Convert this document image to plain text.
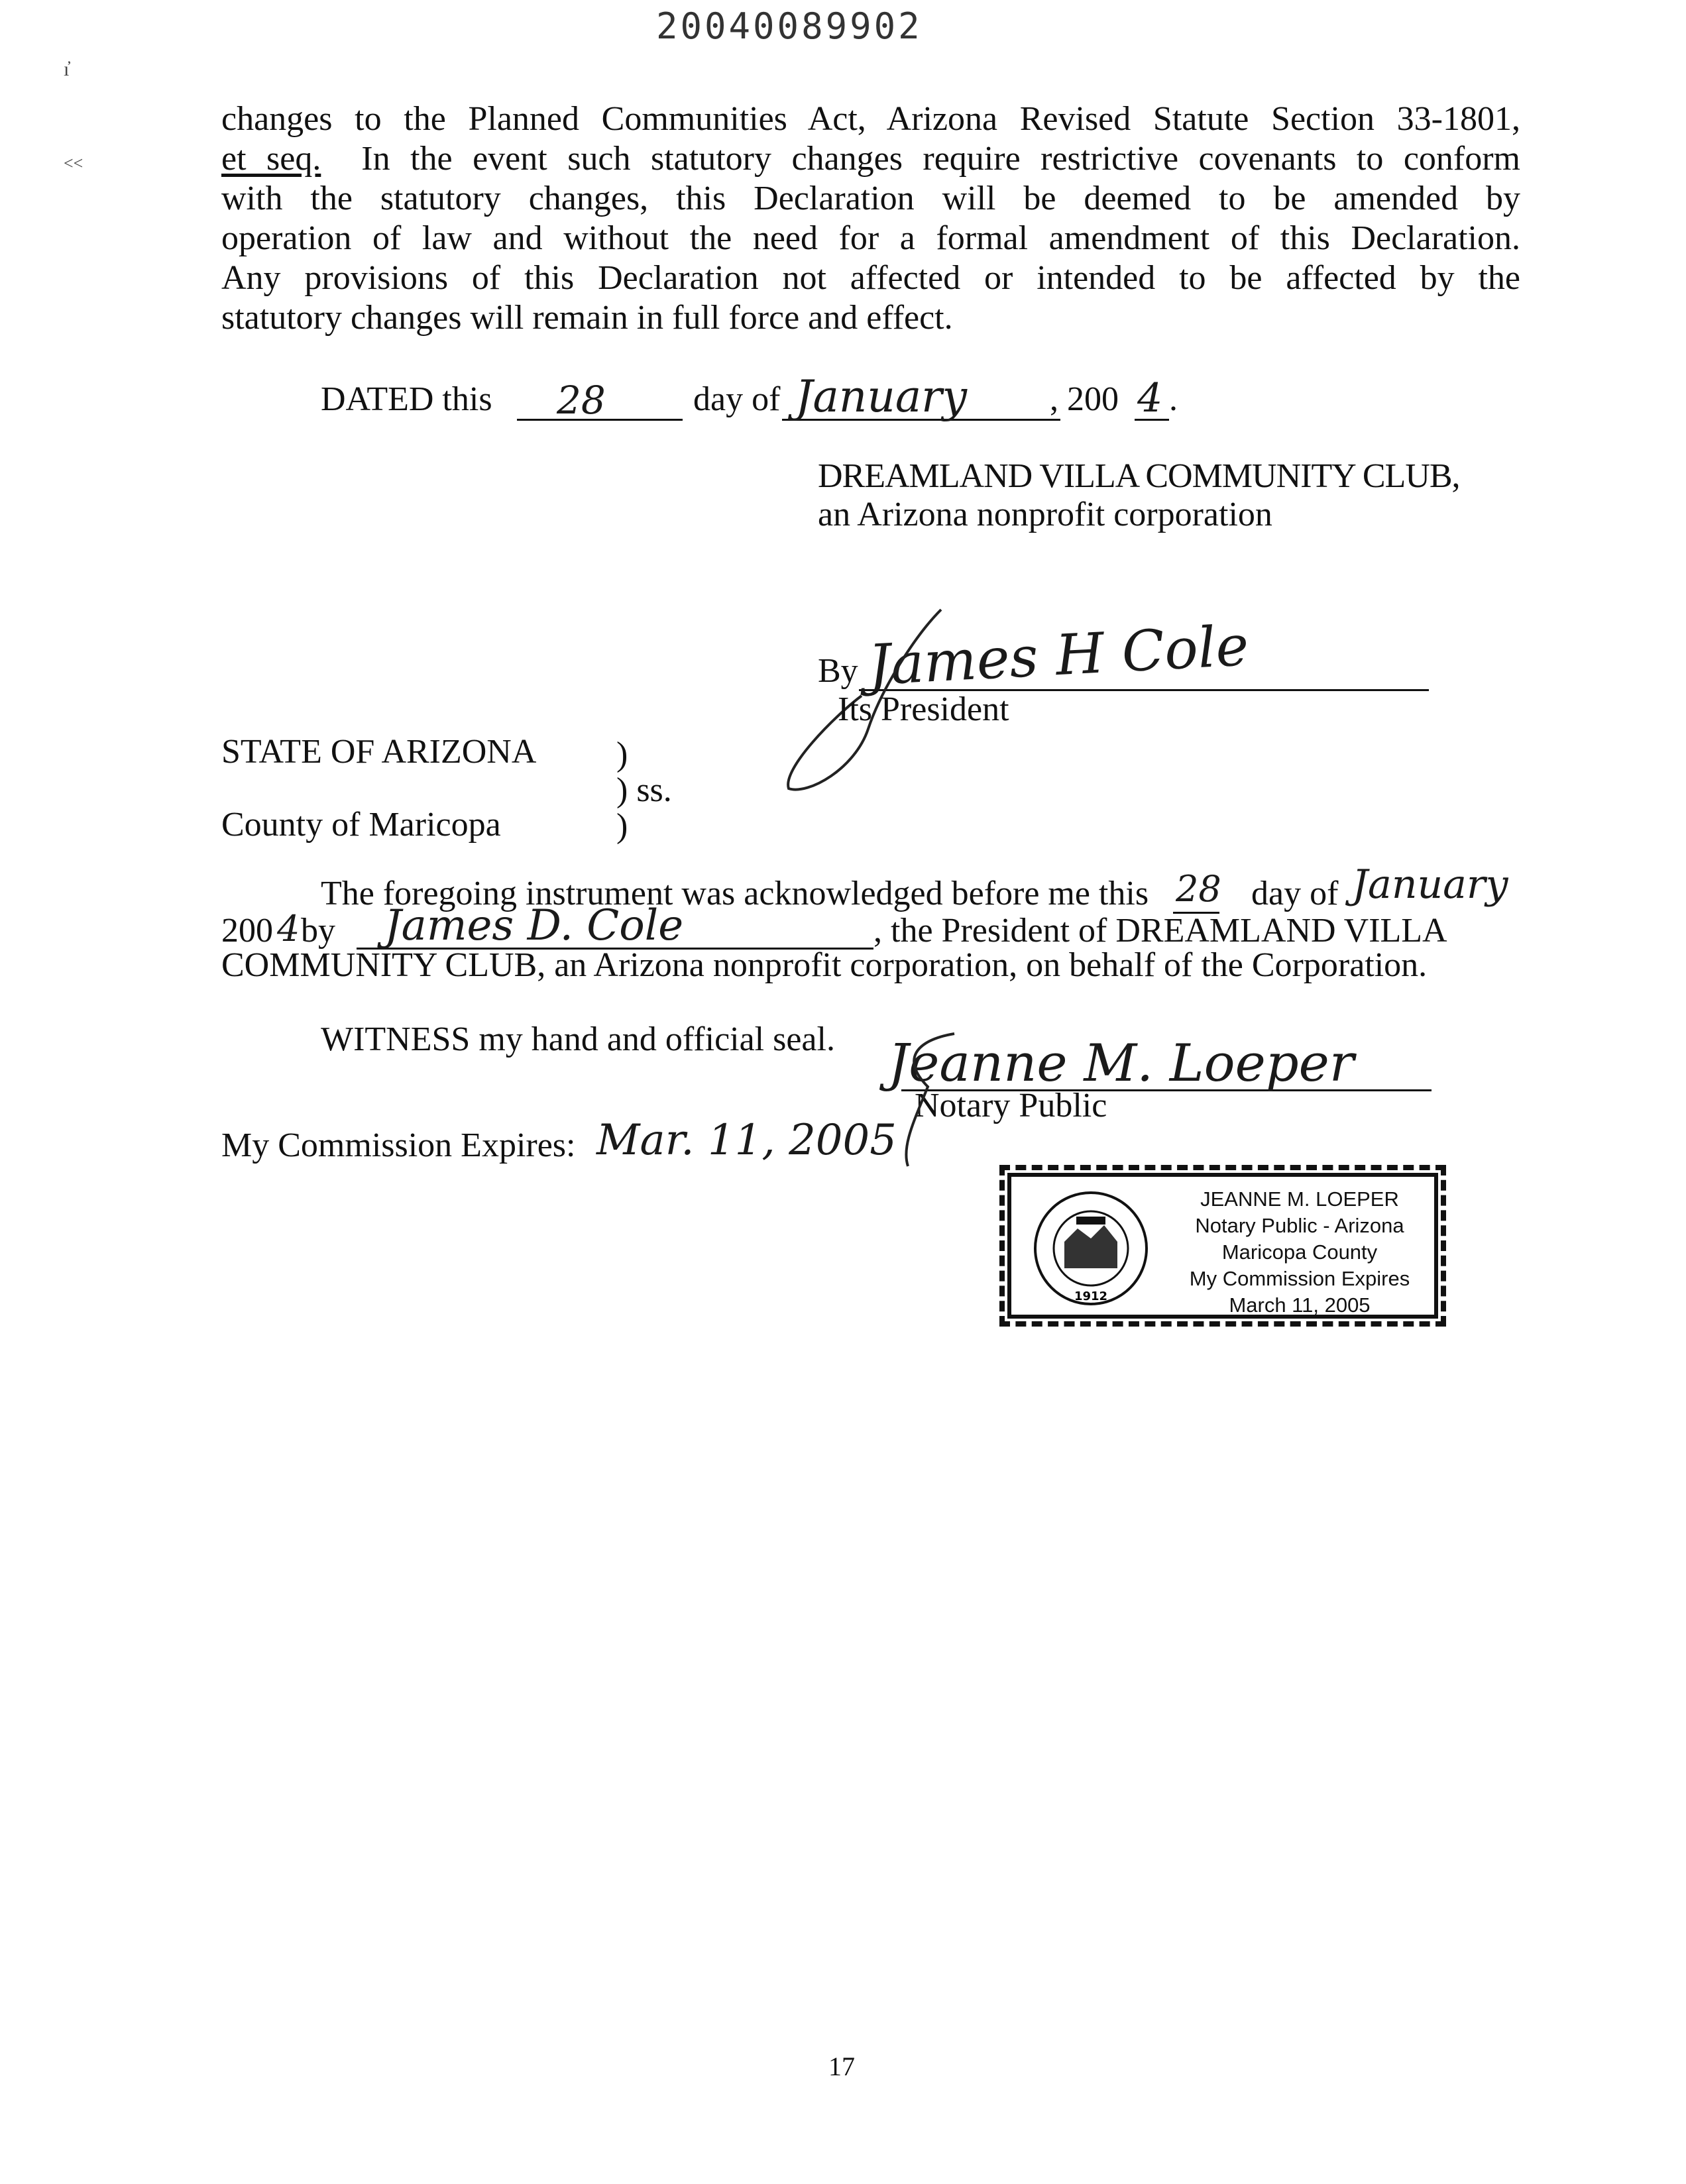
20040089902
ı̓
˂˂
changes to the Planned Communities Act, Arizona Revised Statute Section 33-1801,
et seq. In the event such statutory changes require restrictive covenants to conform
with the statutory changes, this Declaration will be deemed to be amended by
operation of law and without the need for a formal amendment of this Declaration.
Any provisions of this Declaration not affected or intended to be affected by the
statutory changes will remain in full force and effect.
DATED this 28	day of January , 200 4 .
DREAMLAND VILLA COMMUNITY CLUB,
an Arizona nonprofit corporation
By James H Cole
Its President
STATE OF ARIZONA
County of Maricopa
)
) ss.
)
The foregoing instrument was acknowledged before me this 28 day of January
200 4 by James D. Cole	, the President of DREAMLAND VILLA
COMMUNITY CLUB, an Arizona nonprofit corporation, on behalf of the Corporation.
WITNESS my hand and official seal. Jeanne M. Loeper
Notary Public
My Commission Expires: Mar. 11, 2005
1912
JEANNE M. LOEPER
Notary Public - Arizona
Maricopa County
My Commission Expires
March 11, 2005
17
